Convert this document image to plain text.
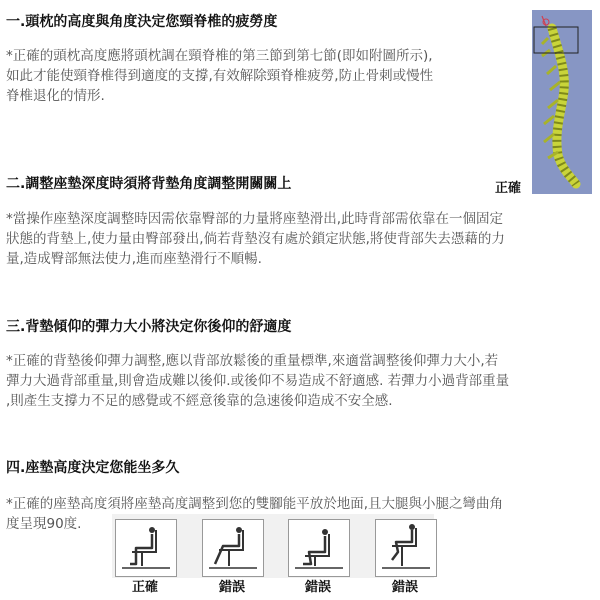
一.頭枕的高度與角度決定您頸脊椎的疲勞度

*正確的頭枕高度應將頭枕調在頸脊椎的第三節到第七節(即如附圖所示),
如此才能使頸脊椎得到適度的支撐,有效解除頸脊椎疲勞,防止骨刺或慢性
脊椎退化的情形.

正確
二.調整座墊深度時須將背墊角度調整開關關上

*當操作座墊深度調整時因需依靠臀部的力量將座墊滑出,此時背部需依靠在一個固定
狀態的背墊上,使力量由臀部發出,倘若背墊沒有處於鎖定狀態,將使背部失去憑藉的力
量,造成臀部無法使力,進而座墊滑行不順暢.

三.背墊傾仰的彈力大小將決定你後仰的舒適度

*正確的背墊後仰彈力調整,應以背部放鬆後的重量標準,來適當調整後仰彈力大小,若
彈力大過背部重量,則會造成難以後仰.或後仰不易造成不舒適感. 若彈力小過背部重量
,則產生支撐力不足的感覺或不經意後靠的急速後仰造成不安全感.

四.座墊高度決定您能坐多久

*正確的座墊高度須將座墊高度調整到您的雙腳能平放於地面,且大腿與小腿之彎曲角
度呈現90度.

正確	錯誤	錯誤	錯誤
